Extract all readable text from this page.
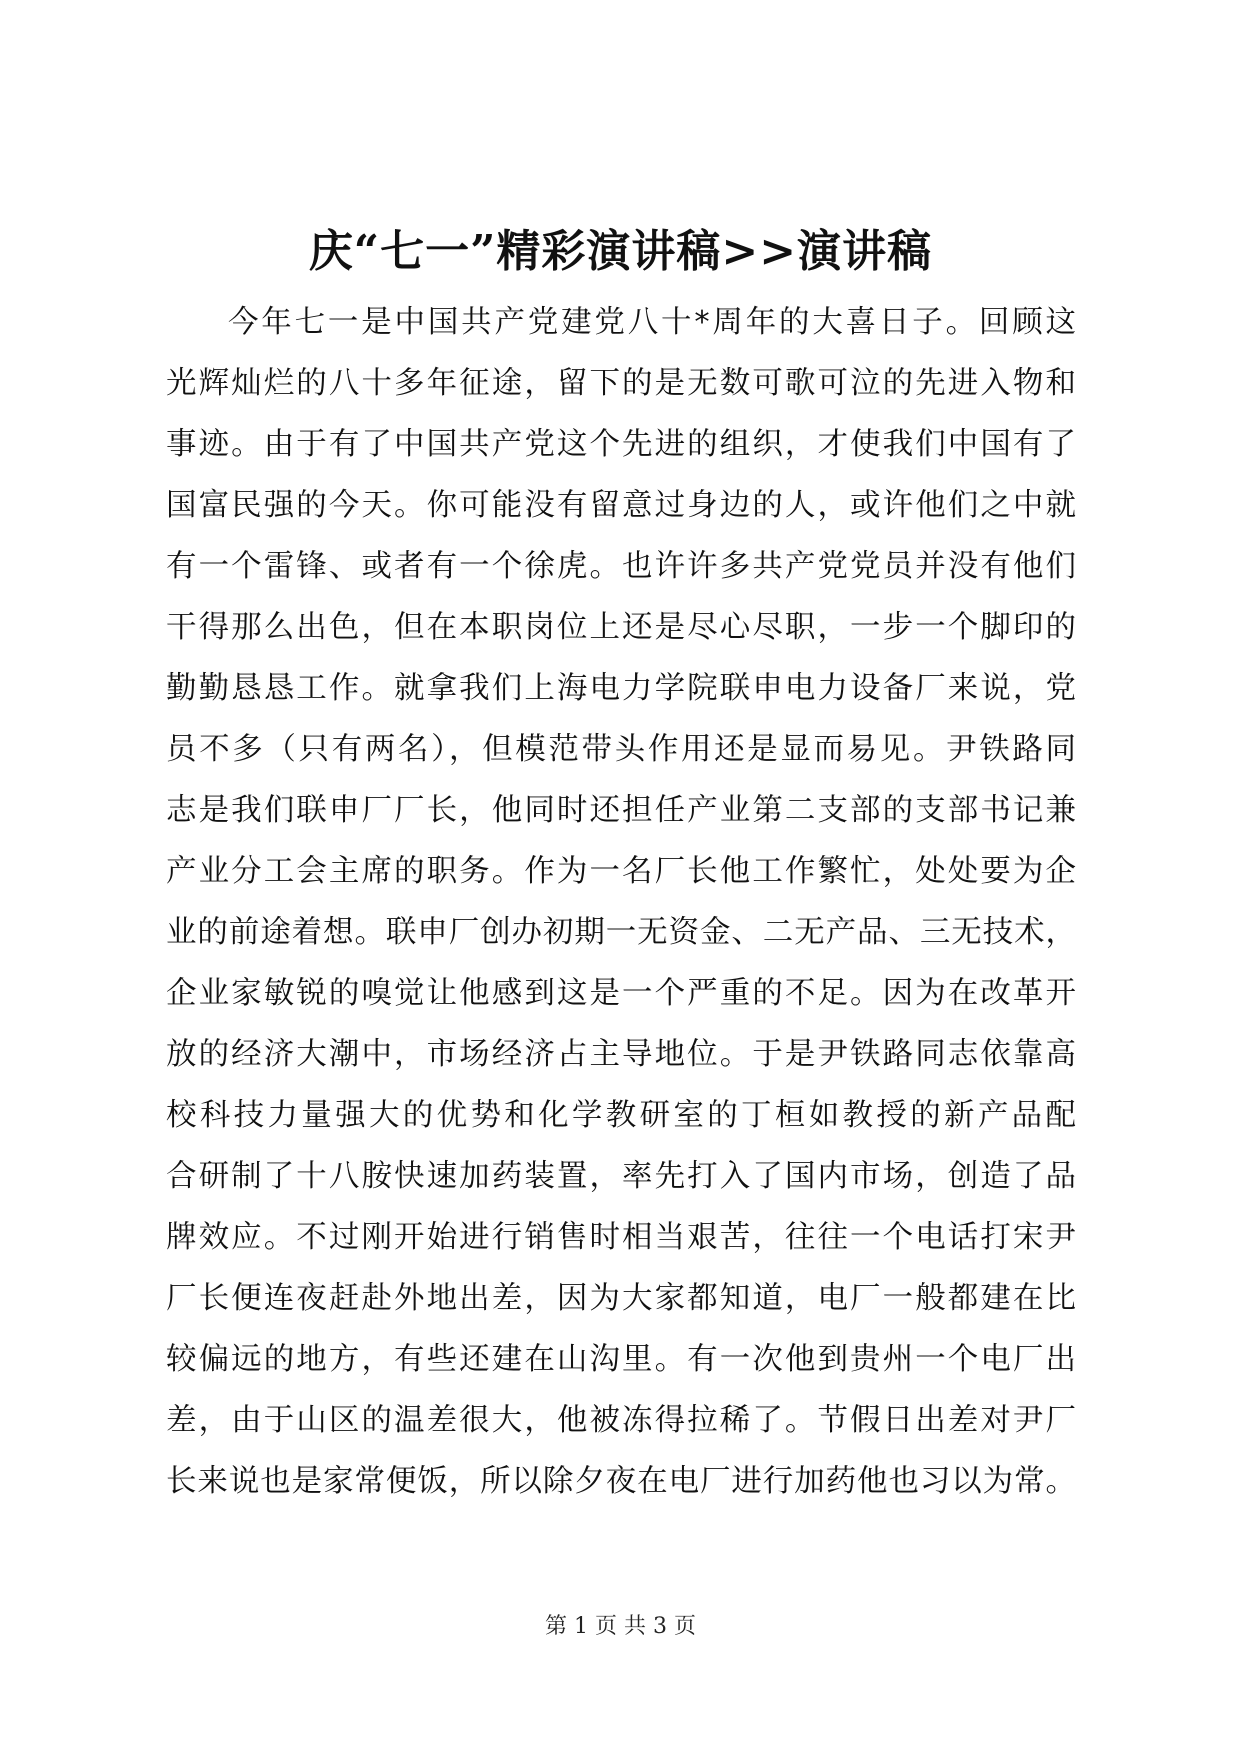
庆“七一”精彩演讲稿>>演讲稿
今年七一是中国共产党建党八十*周年的大喜日子。回顾这
光辉灿烂的八十多年征途，留下的是无数可歌可泣的先进入物和
事迹。由于有了中国共产党这个先进的组织，才使我们中国有了
国富民强的今天。你可能没有留意过身边的人，或许他们之中就
有一个雷锋、或者有一个徐虎。也许许多共产党党员并没有他们
干得那么出色，但在本职岗位上还是尽心尽职，一步一个脚印的
勤勤恳恳工作。就拿我们上海电力学院联申电力设备厂来说，党
员不多（只有两名），但模范带头作用还是显而易见。尹铁路同
志是我们联申厂厂长，他同时还担任产业第二支部的支部书记兼
产业分工会主席的职务。作为一名厂长他工作繁忙，处处要为企
业的前途着想。联申厂创办初期一无资金、二无产品、三无技术，
企业家敏锐的嗅觉让他感到这是一个严重的不足。因为在改革开
放的经济大潮中，市场经济占主导地位。于是尹铁路同志依靠高
校科技力量强大的优势和化学教研室的丁桓如教授的新产品配
合研制了十八胺快速加药装置，率先打入了国内市场，创造了品
牌效应。不过刚开始进行销售时相当艰苦，往往一个电话打宋尹
厂长便连夜赶赴外地出差，因为大家都知道，电厂一般都建在比
较偏远的地方，有些还建在山沟里。有一次他到贵州一个电厂出
差，由于山区的温差很大，他被冻得拉稀了。节假日出差对尹厂
长来说也是家常便饭，所以除夕夜在电厂进行加药他也习以为常。
第 1 页 共 3 页
